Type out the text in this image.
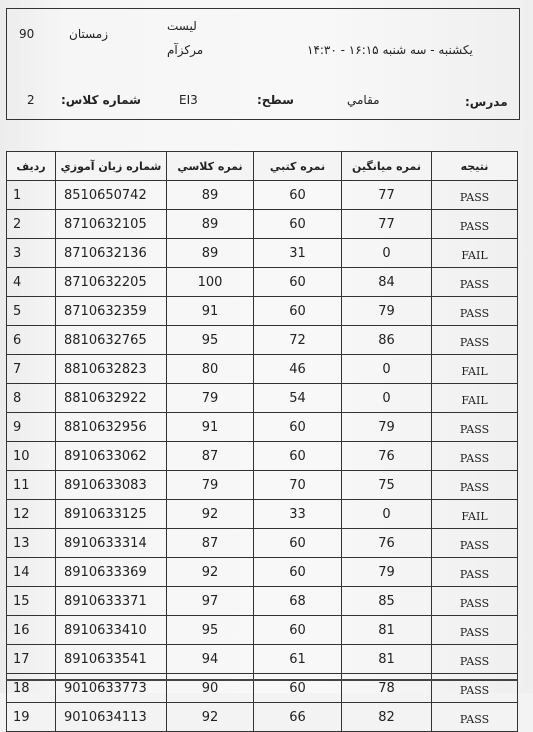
90	زمستان
لیست
مرکزآم	یکشنبه - سه شنبه ۱۶:۱۵ - ۱۴:۳۰
شماره کلاس:
2	EI3	سطح:	مقامي	مدرس:
رديف	شماره زبان آموزي	نمره كلاسي	نمره كتبي	نمره ميانگين	نتيجه
1	8510650742	89	60	77	PASS
2	8710632105	89	60	77	PASS
3	8710632136	89	31	0	FAIL
4	8710632205	100	60	84	PASS
5	8710632359	91	60	79	PASS
6	8810632765	95	72	86	PASS
7	8810632823	80	46	0	FAIL
8	8810632922	79	54	0	FAIL
9	8810632956	91	60	79	PASS
10	8910633062	87	60	76	PASS
11	8910633083	79	70	75	PASS
12	8910633125	92	33	0	FAIL
13	8910633314	87	60	76	PASS
14	8910633369	92	60	79	PASS
15	8910633371	97	68	85	PASS
16	8910633410	95	60	81	PASS
17	8910633541	94	61	81	PASS
18	9010633773	90	60	78	PASS
19	9010634113	92	66	82	PASS
